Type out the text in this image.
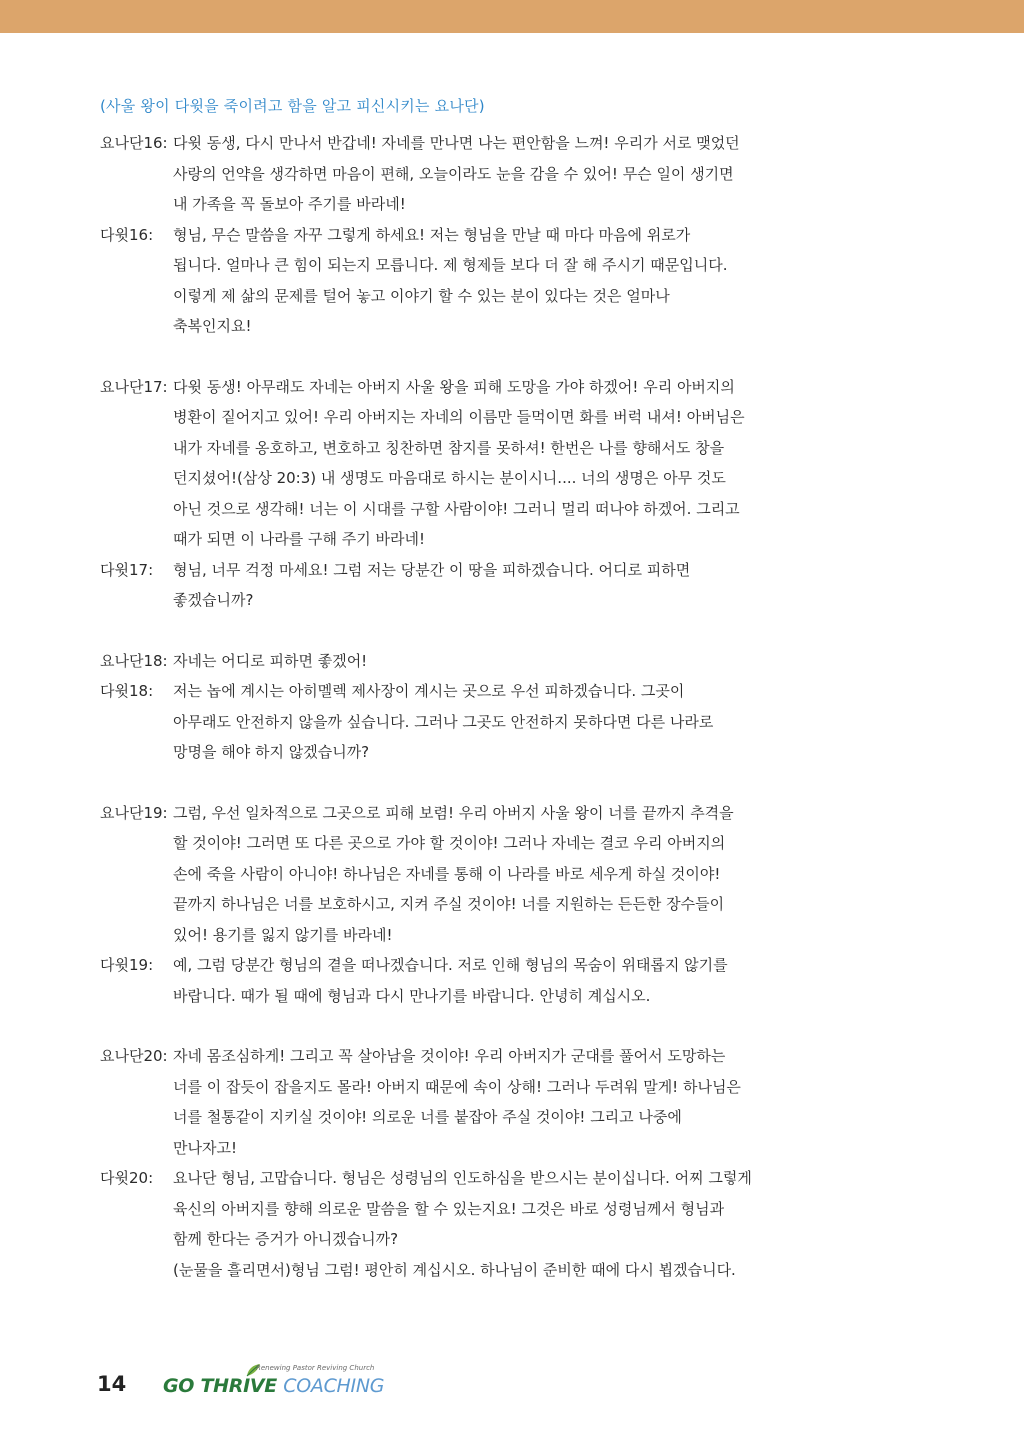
(사울 왕이 다윗을 죽이려고 함을 알고 피신시키는 요나단)
요나단16: 다윗 동생, 다시 만나서 반갑네! 자네를 만나면 나는 편안함을 느껴! 우리가 서로 맺었던
사랑의 언약을 생각하면 마음이 편해, 오늘이라도 눈을 감을 수 있어! 무슨 일이 생기면
내 가족을 꼭 돌보아 주기를 바라네!
다윗16:	형님, 무슨 말씀을 자꾸 그렇게 하세요! 저는 형님을 만날 때 마다 마음에 위로가
됩니다. 얼마나 큰 힘이 되는지 모릅니다. 제 형제들 보다 더 잘 해 주시기 때문입니다.
이렇게 제 삶의 문제를 털어 놓고 이야기 할 수 있는 분이 있다는 것은 얼마나
축복인지요!
요나단17: 다윗 동생! 아무래도 자네는 아버지 사울 왕을 피해 도망을 가야 하겠어! 우리 아버지의
병환이 짙어지고 있어! 우리 아버지는 자네의 이름만 들먹이면 화를 버럭 내셔! 아버님은
내가 자네를 옹호하고, 변호하고 칭찬하면 참지를 못하셔! 한번은 나를 향해서도 창을
던지셨어!(삼상 20:3) 내 생명도 마음대로 하시는 분이시니.... 너의 생명은 아무 것도
아닌 것으로 생각해! 너는 이 시대를 구할 사람이야! 그러니 멀리 떠나야 하겠어. 그리고
때가 되면 이 나라를 구해 주기 바라네!
다윗17:	형님, 너무 걱정 마세요! 그럼 저는 당분간 이 땅을 피하겠습니다. 어디로 피하면
좋겠습니까?
요나단18: 자네는 어디로 피하면 좋겠어!
다윗18:	저는 놉에 계시는 아히멜렉 제사장이 계시는 곳으로 우선 피하겠습니다. 그곳이
아무래도 안전하지 않을까 싶습니다. 그러나 그곳도 안전하지 못하다면 다른 나라로
망명을 해야 하지 않겠습니까?
요나단19: 그럼, 우선 일차적으로 그곳으로 피해 보렴! 우리 아버지 사울 왕이 너를 끝까지 추격을
할 것이야! 그러면 또 다른 곳으로 가야 할 것이야! 그러나 자네는 결코 우리 아버지의
손에 죽을 사람이 아니야! 하나님은 자네를 통해 이 나라를 바로 세우게 하실 것이야!
끝까지 하나님은 너를 보호하시고, 지켜 주실 것이야! 너를 지원하는 든든한 장수들이
있어! 용기를 잃지 않기를 바라네!
다윗19:	예, 그럼 당분간 형님의 곁을 떠나겠습니다. 저로 인해 형님의 목숨이 위태롭지 않기를
바랍니다. 때가 될 때에 형님과 다시 만나기를 바랍니다. 안녕히 계십시오.
요나단20: 자네 몸조심하게! 그리고 꼭 살아남을 것이야! 우리 아버지가 군대를 풀어서 도망하는
너를 이 잡듯이 잡을지도 몰라! 아버지 때문에 속이 상해! 그러나 두려워 말게! 하나님은
너를 철통같이 지키실 것이야! 의로운 너를 붙잡아 주실 것이야! 그리고 나중에
만나자고!
다윗20:	요나단 형님, 고맙습니다. 형님은 성령님의 인도하심을 받으시는 분이십니다. 어찌 그렇게
육신의 아버지를 향해 의로운 말씀을 할 수 있는지요! 그것은 바로 성령님께서 형님과
함께 한다는 증거가 아니겠습니까?
(눈물을 흘리면서)형님 그럼! 평안히 계십시오. 하나님이 준비한 때에 다시 뵙겠습니다.
14
Renewing Pastor Reviving Church
GO THRIVE COACHING
